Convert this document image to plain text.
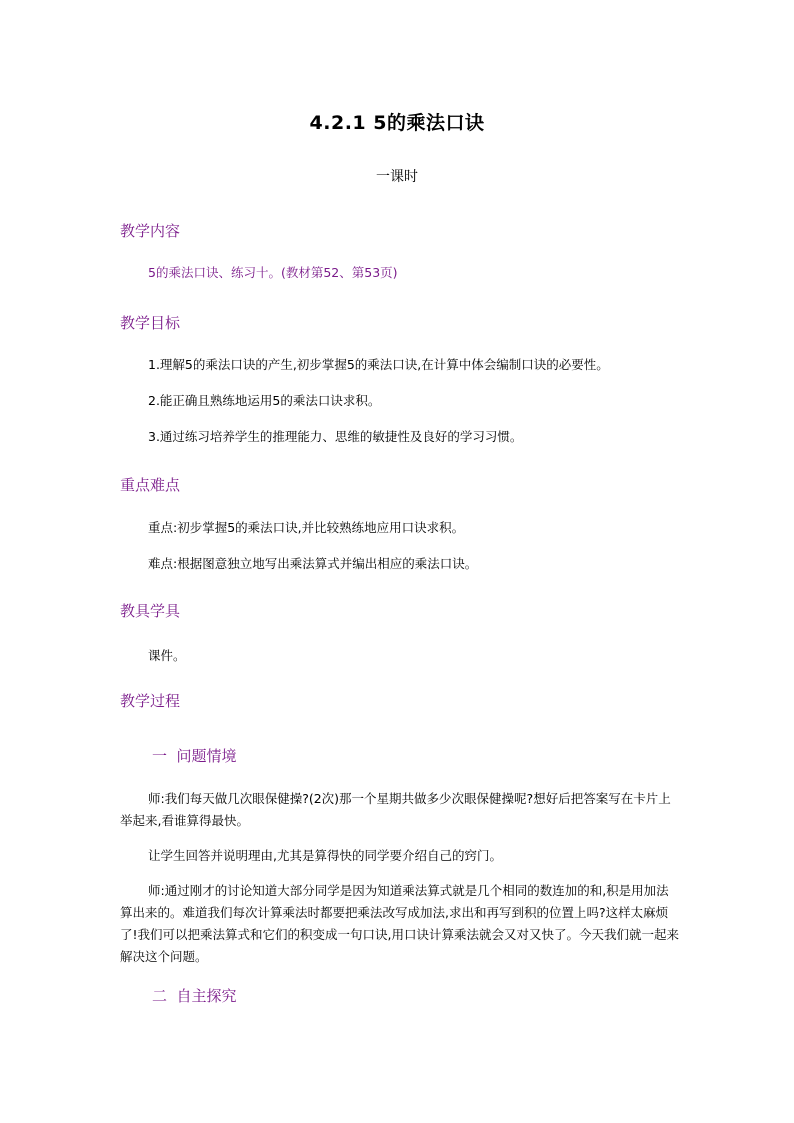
4.2.1 5的乘法口诀
一课时
教学内容
5的乘法口诀、练习十。(教材第52、第53页)
教学目标
1.理解5的乘法口诀的产生,初步掌握5的乘法口诀,在计算中体会编制口诀的必要性。
2.能正确且熟练地运用5的乘法口诀求积。
3.通过练习培养学生的推理能力、思维的敏捷性及良好的学习习惯。
重点难点
重点:初步掌握5的乘法口诀,并比较熟练地应用口诀求积。
难点:根据图意独立地写出乘法算式并编出相应的乘法口诀。
教具学具
课件。
教学过程
一  问题情境
师:我们每天做几次眼保健操?(2次)那一个星期共做多少次眼保健操呢?想好后把答案写在卡片上举起来,看谁算得最快。
让学生回答并说明理由,尤其是算得快的同学要介绍自己的窍门。
师:通过刚才的讨论知道大部分同学是因为知道乘法算式就是几个相同的数连加的和,积是用加法算出来的。难道我们每次计算乘法时都要把乘法改写成加法,求出和再写到积的位置上吗?这样太麻烦了!我们可以把乘法算式和它们的积变成一句口诀,用口诀计算乘法就会又对又快了。今天我们就一起来解决这个问题。
二  自主探究
